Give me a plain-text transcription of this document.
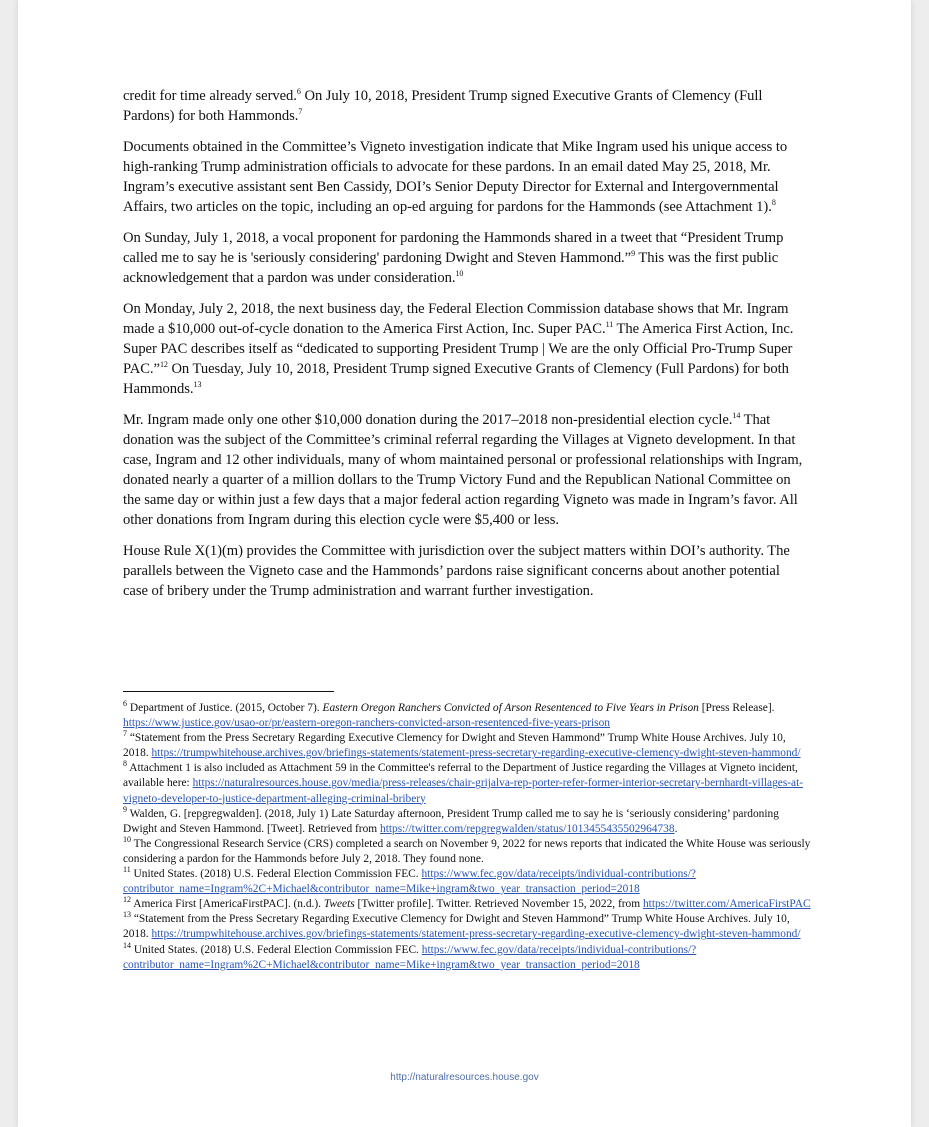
credit for time already served.$^6$ On July 10, 2018, President Trump signed Executive Grants of Clemency (Full Pardons) for both Hammonds.$^7$

Documents obtained in the Committee’s Vigneto investigation indicate that Mike Ingram used his unique access to high-ranking Trump administration officials to advocate for these pardons. In an email dated May 25, 2018, Mr. Ingram’s executive assistant sent Ben Cassidy, DOI’s Senior Deputy Director for External and Intergovernmental Affairs, two articles on the topic, including an op-ed arguing for pardons for the Hammonds (see Attachment 1).$^8$

On Sunday, July 1, 2018, a vocal proponent for pardoning the Hammonds shared in a tweet that “President Trump called me to say he is 'seriously considering' pardoning Dwight and Steven Hammond.”$^9$ This was the first public acknowledgement that a pardon was under consideration.$^{10}$

On Monday, July 2, 2018, the next business day, the Federal Election Commission database shows that Mr. Ingram made a $10,000 out-of-cycle donation to the America First Action, Inc. Super PAC.$^{11}$ The America First Action, Inc. Super PAC describes itself as “dedicated to supporting President Trump | We are the only Official Pro-Trump Super PAC.”$^{12}$ On Tuesday, July 10, 2018, President Trump signed Executive Grants of Clemency (Full Pardons) for both Hammonds.$^{13}$

Mr. Ingram made only one other $10,000 donation during the 2017–2018 non-presidential election cycle.$^{14}$ That donation was the subject of the Committee’s criminal referral regarding the Villages at Vigneto development. In that case, Ingram and 12 other individuals, many of whom maintained personal or professional relationships with Ingram, donated nearly a quarter of a million dollars to the Trump Victory Fund and the Republican National Committee on the same day or within just a few days that a major federal action regarding Vigneto was made in Ingram’s favor. All other donations from Ingram during this election cycle were $5,400 or less.

House Rule X(1)(m) provides the Committee with jurisdiction over the subject matters within DOI’s authority. The parallels between the Vigneto case and the Hammonds’ pardons raise significant concerns about another potential case of bribery under the Trump administration and warrant further investigation.

$^6$ Department of Justice. (2015, October 7). Eastern Oregon Ranchers Convicted of Arson Resentenced to Five Years in Prison [Press Release]. https://www.justice.gov/usao-or/pr/eastern-oregon-ranchers-convicted-arson-resentenced-five-years-prison

$^7$ “Statement from the Press Secretary Regarding Executive Clemency for Dwight and Steven Hammond” Trump White House Archives. July 10, 2018. https://trumpwhitehouse.archives.gov/briefings-statements/statement-press-secretary-regarding-executive-clemency-dwight-steven-hammond/

$^8$ Attachment 1 is also included as Attachment 59 in the Committee's referral to the Department of Justice regarding the Villages at Vigneto incident, available here: https://naturalresources.house.gov/media/press-releases/chair-grijalva-rep-porter-refer-former-interior-secretary-bernhardt-villages-at-vigneto-developer-to-justice-department-alleging-criminal-bribery

$^9$ Walden, G. [repgregwalden]. (2018, July 1) Late Saturday afternoon, President Trump called me to say he is ‘seriously considering’ pardoning Dwight and Steven Hammond. [Tweet]. Retrieved from https://twitter.com/repgregwalden/status/1013455435502964738.

$^{10}$ The Congressional Research Service (CRS) completed a search on November 9, 2022 for news reports that indicated the White House was seriously considering a pardon for the Hammonds before July 2, 2018. They found none.

$^{11}$ United States. (2018) U.S. Federal Election Commission FEC. https://www.fec.gov/data/receipts/individual-contributions/?contributor_name=Ingram%2C+Michael&contributor_name=Mike+ingram&two_year_transaction_period=2018

$^{12}$ America First [AmericaFirstPAC]. (n.d.). Tweets [Twitter profile]. Twitter. Retrieved November 15, 2022, from https://twitter.com/AmericaFirstPAC

$^{13}$ “Statement from the Press Secretary Regarding Executive Clemency for Dwight and Steven Hammond” Trump White House Archives. July 10, 2018. https://trumpwhitehouse.archives.gov/briefings-statements/statement-press-secretary-regarding-executive-clemency-dwight-steven-hammond/

$^{14}$ United States. (2018) U.S. Federal Election Commission FEC. https://www.fec.gov/data/receipts/individual-contributions/?contributor_name=Ingram%2C+Michael&contributor_name=Mike+ingram&two_year_transaction_period=2018

http://naturalresources.house.gov
